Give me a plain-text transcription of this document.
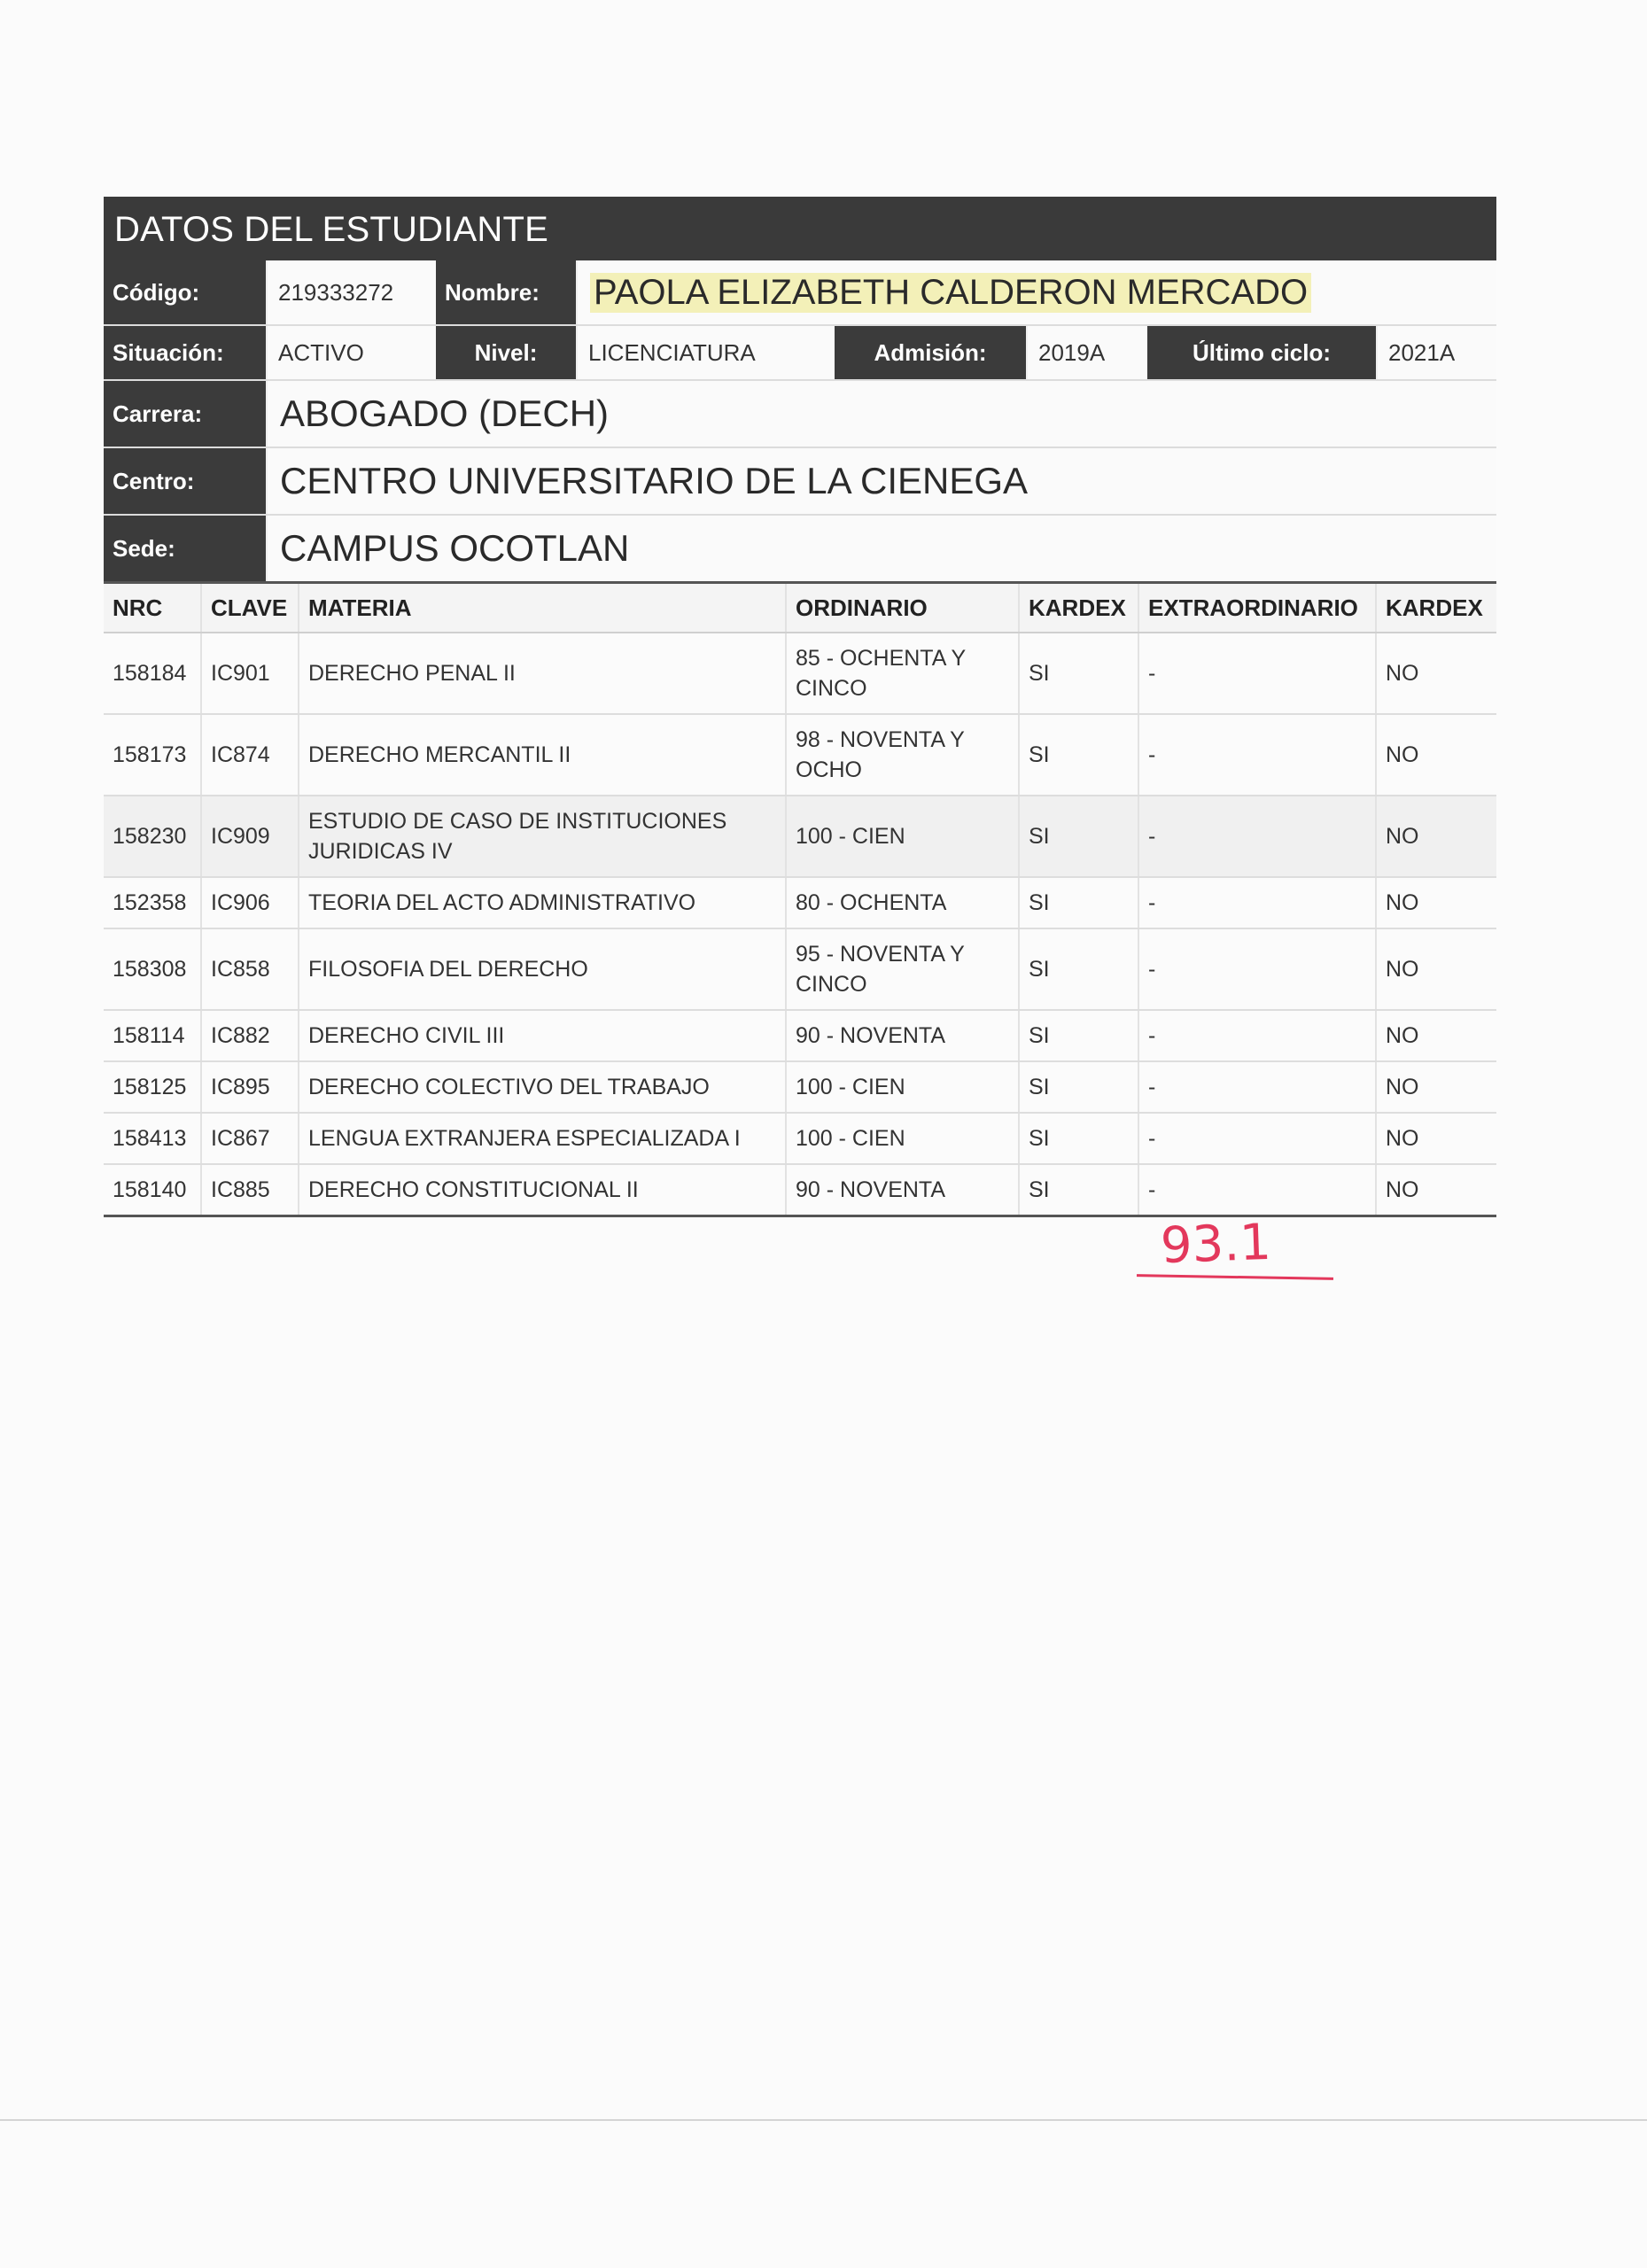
DATOS DEL ESTUDIANTE
Código:	219333272	Nombre:	PAOLA ELIZABETH CALDERON MERCADO
Situación:	ACTIVO	Nivel:	LICENCIATURA	Admisión:	2019A	Último ciclo:	2021A
Carrera:	ABOGADO (DECH)
Centro:	CENTRO UNIVERSITARIO DE LA CIENEGA
Sede:	CAMPUS OCOTLAN
NRC	CLAVE	MATERIA	ORDINARIO	KARDEX	EXTRAORDINARIO	KARDEX
158184	IC901	DERECHO PENAL II	85 - OCHENTA Y CINCO	SI	-	NO
158173	IC874	DERECHO MERCANTIL II	98 - NOVENTA Y OCHO	SI	-	NO
158230	IC909	ESTUDIO DE CASO DE INSTITUCIONES JURIDICAS IV	100 - CIEN	SI	-	NO
152358	IC906	TEORIA DEL ACTO ADMINISTRATIVO	80 - OCHENTA	SI	-	NO
158308	IC858	FILOSOFIA DEL DERECHO	95 - NOVENTA Y CINCO	SI	-	NO
158114	IC882	DERECHO CIVIL III	90 - NOVENTA	SI	-	NO
158125	IC895	DERECHO COLECTIVO DEL TRABAJO	100 - CIEN	SI	-	NO
158413	IC867	LENGUA EXTRANJERA ESPECIALIZADA I	100 - CIEN	SI	-	NO
158140	IC885	DERECHO CONSTITUCIONAL II	90 - NOVENTA	SI	-	NO
93.1
